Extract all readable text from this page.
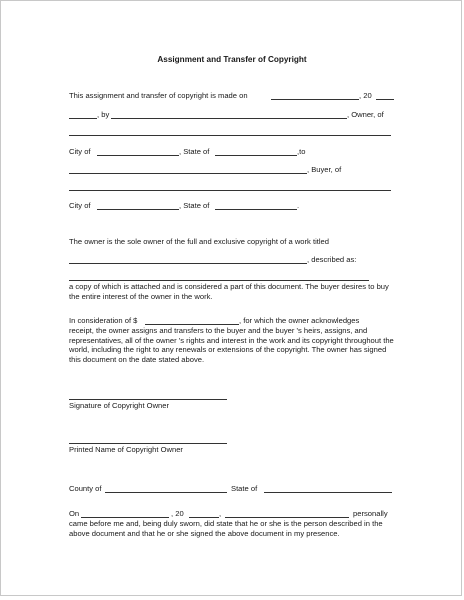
Assignment and Transfer of Copyright
This assignment and transfer of copyright is made on	, 20
, by	, Owner, of
City of	, State of	,to
, Buyer, of
City of	, State of	.
The owner is the sole owner of the full and exclusive copyright of a work titled
, described as:
a copy of which is attached and is considered a part of this document. The buyer desires to buy the entire interest of the owner in the work.
In consideration of $	, for which the owner acknowledges
receipt, the owner assigns and transfers to the buyer and the buyer 's heirs, assigns, and representatives, all of the owner 's rights and interest in the work and its copyright throughout the world, including the right to any renewals or extensions of the copyright. The owner has signed this document on the date stated above.
Signature of Copyright Owner
Printed Name of Copyright Owner
County of	State of
On	, 20	,	personally
came before me and, being duly sworn, did state that he or she is the person described in the above document and that he or she signed the above document in my presence.
